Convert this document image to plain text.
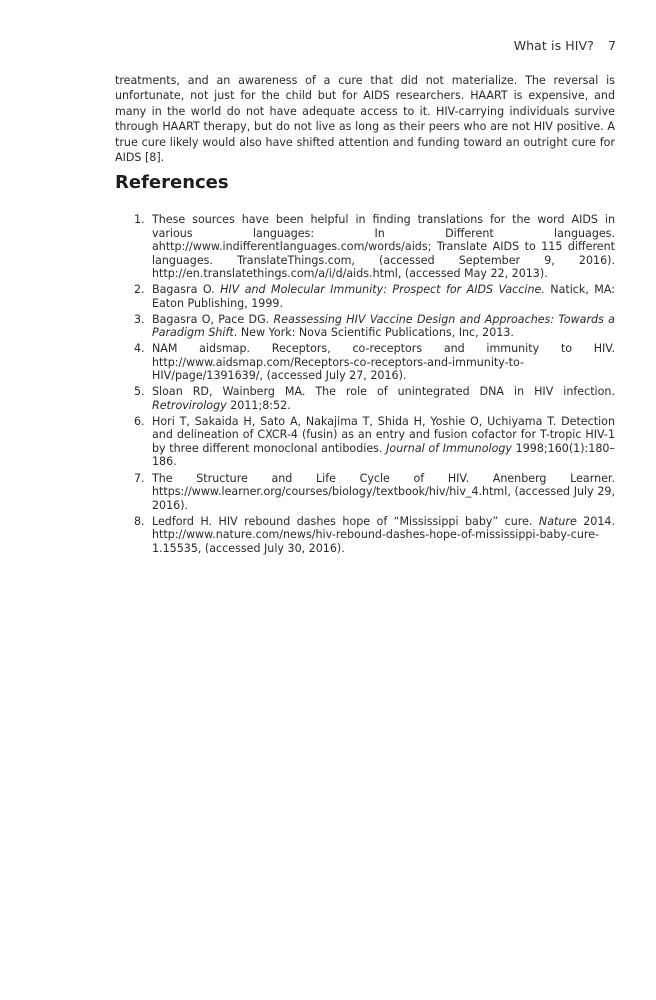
What is HIV? 7

treatments, and an awareness of a cure that did not materialize. The reversal is unfortunate, not just for the child but for AIDS researchers. HAART is expensive, and many in the world do not have adequate access to it. HIV-carrying individuals survive through HAART therapy, but do not live as long as their peers who are not HIV positive. A true cure likely would also have shifted attention and funding toward an outright cure for AIDS [8].

References
1. These sources have been helpful in finding translations for the word AIDS in various languages: In Different languages. ahttp://www.indifferentlanguages.com/words/aids; Translate AIDS to 115 different languages. TranslateThings.com, (accessed September 9, 2016). http://en.translatethings.com/a/i/d/aids.html, (accessed May 22, 2013).
2. Bagasra O. HIV and Molecular Immunity: Prospect for AIDS Vaccine. Natick, MA: Eaton Publishing, 1999.
3. Bagasra O, Pace DG. Reassessing HIV Vaccine Design and Approaches: Towards a Paradigm Shift. New York: Nova Scientific Publications, Inc, 2013.
4. NAM aidsmap. Receptors, co-receptors and immunity to HIV. http://www.aidsmap.com/Receptors-co-receptors-and-immunity-to-HIV/page/1391639/, (accessed July 27, 2016).
5. Sloan RD, Wainberg MA. The role of unintegrated DNA in HIV infection. Retrovirology 2011;8:52.
6. Hori T, Sakaida H, Sato A, Nakajima T, Shida H, Yoshie O, Uchiyama T. Detection and delineation of CXCR-4 (fusin) as an entry and fusion cofactor for T-tropic HIV-1 by three different monoclonal antibodies. Journal of Immunology 1998;160(1):180–186.
7. The Structure and Life Cycle of HIV. Anenberg Learner. https://www.learner.org/courses/biology/textbook/hiv/hiv_4.html, (accessed July 29, 2016).
8. Ledford H. HIV rebound dashes hope of “Mississippi baby” cure. Nature 2014. http://www.nature.com/news/hiv-rebound-dashes-hope-of-mississippi-baby-cure-1.15535, (accessed July 30, 2016).
